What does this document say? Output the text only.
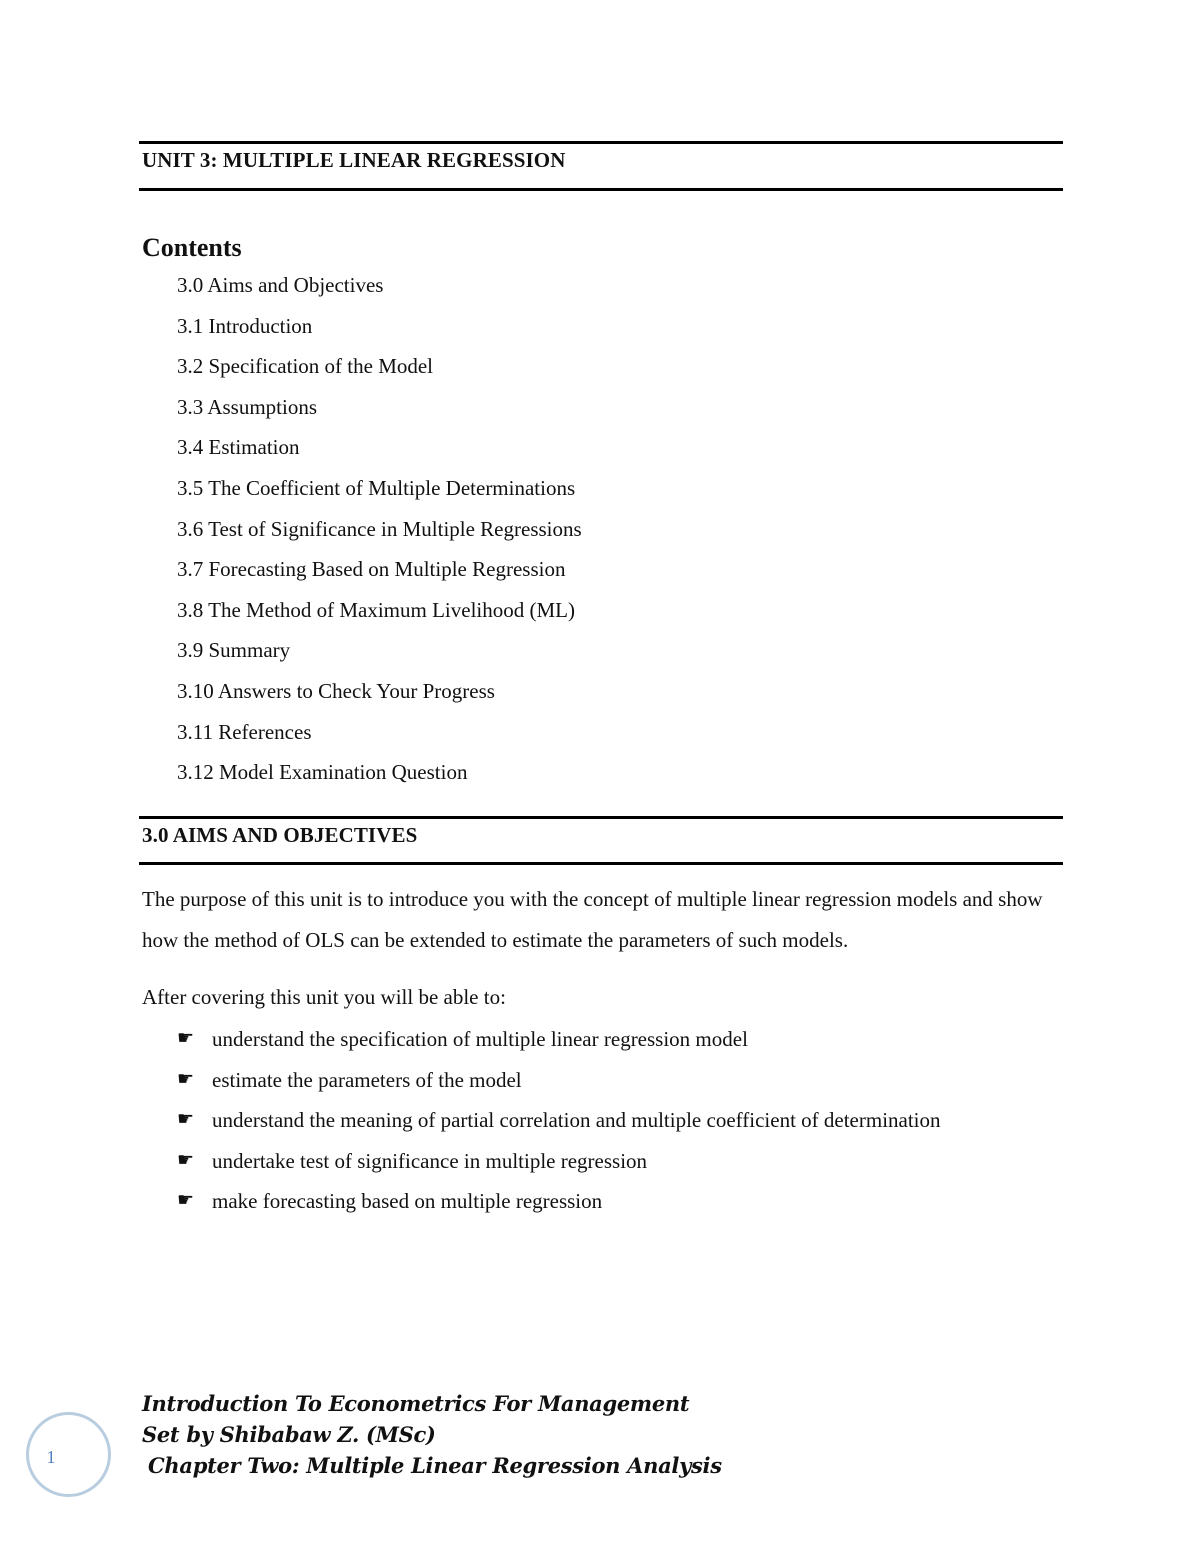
UNIT 3: MULTIPLE LINEAR REGRESSION
Contents
3.0 Aims and Objectives
3.1 Introduction
3.2 Specification of the Model
3.3 Assumptions
3.4 Estimation
3.5 The Coefficient of Multiple Determinations
3.6 Test of Significance in Multiple Regressions
3.7 Forecasting Based on Multiple Regression
3.8 The Method of Maximum Livelihood (ML)
3.9 Summary
3.10 Answers to Check Your Progress
3.11 References
3.12 Model Examination Question
3.0 AIMS AND OBJECTIVES

The purpose of this unit is to introduce you with the concept of multiple linear regression models and show how the method of OLS can be extended to estimate the parameters of such models.

After covering this unit you will be able to:

☛ understand the specification of multiple linear regression model
☛ estimate the parameters of the model
☛ understand the meaning of partial correlation and multiple coefficient of determination
☛ undertake test of significance in multiple regression
☛ make forecasting based on multiple regression
Introduction To Econometrics For Management
Set by Shibabaw Z. (MSc)
Chapter Two: Multiple Linear Regression Analysis
1
